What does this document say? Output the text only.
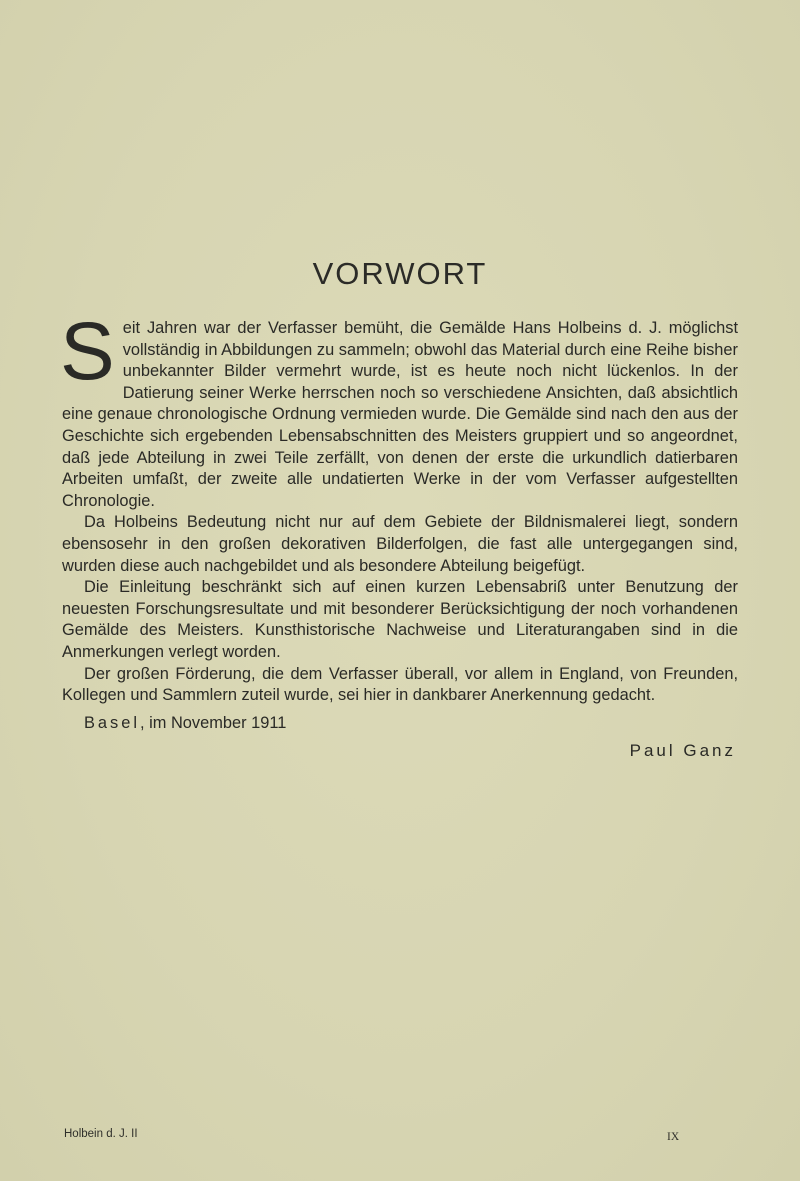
VORWORT

Seit Jahren war der Verfasser bemüht, die Gemälde Hans Holbeins d. J. möglichst vollständig in Abbildungen zu sammeln; obwohl das Material durch eine Reihe bisher unbekannter Bilder vermehrt wurde, ist es heute noch nicht lückenlos. In der Datierung seiner Werke herrschen noch so verschiedene Ansichten, daß absichtlich eine genaue chronologische Ordnung vermieden wurde. Die Gemälde sind nach den aus der Geschichte sich ergebenden Lebensabschnitten des Meisters gruppiert und so angeordnet, daß jede Abteilung in zwei Teile zerfällt, von denen der erste die urkundlich datierbaren Arbeiten umfaßt, der zweite alle undatierten Werke in der vom Verfasser aufgestellten Chronologie.

Da Holbeins Bedeutung nicht nur auf dem Gebiete der Bildnismalerei liegt, sondern ebensosehr in den großen dekorativen Bilderfolgen, die fast alle untergegangen sind, wurden diese auch nachgebildet und als besondere Abteilung beigefügt.

Die Einleitung beschränkt sich auf einen kurzen Lebensabriß unter Benutzung der neuesten Forschungsresultate und mit besonderer Berücksichtigung der noch vorhandenen Gemälde des Meisters. Kunsthistorische Nachweise und Literaturangaben sind in die Anmerkungen verlegt worden.

Der großen Förderung, die dem Verfasser überall, vor allem in England, von Freunden, Kollegen und Sammlern zuteil wurde, sei hier in dankbarer Anerkennung gedacht.

Basel, im November 1911
Paul Ganz
Holbein d. J. II	IX
